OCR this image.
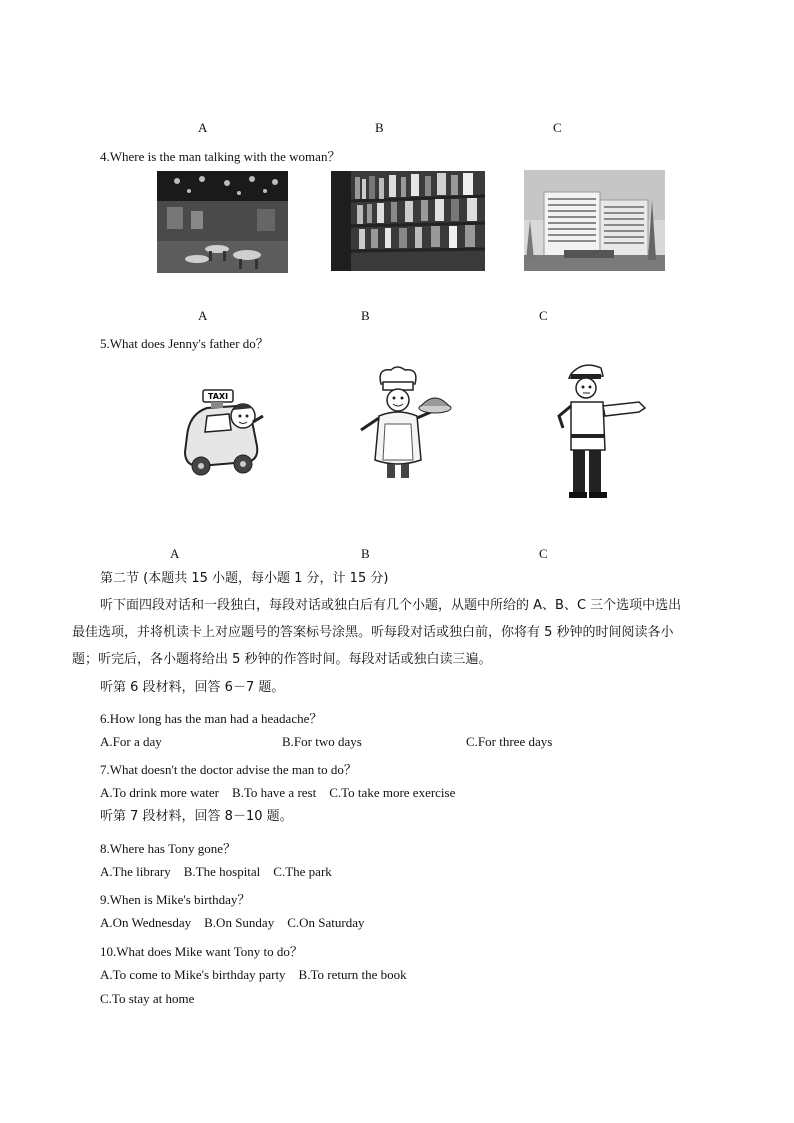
A	B	C
4.Where is the man talking with the woman？
A	B	C
5.What does Jenny's father do？
TAXI
A	B	C
第二节 (本题共 15 小题，每小题 1 分，计 15 分)
听下面四段对话和一段独白，每段对话或独白后有几个小题，从题中所给的 A、B、C 三个选项中选出
最佳选项，并将机读卡上对应题号的答案标号涂黑。听每段对话或独白前，你将有 5 秒钟的时间阅读各小
题；听完后，各小题将给出 5 秒钟的作答时间。每段对话或独白读三遍。
听第 6 段材料，回答 6－7 题。
6.How long has the man had a headache？
A.For a day	B.For two days	C.For three days
7.What doesn't the doctor advise the man to do？
A.To drink more water    B.To have a rest    C.To take more exercise
听第 7 段材料，回答 8－10 题。
8.Where has Tony gone？
A.The library    B.The hospital    C.The park
9.When is Mike's birthday？
A.On Wednesday    B.On Sunday    C.On Saturday
10.What does Mike want Tony to do？
A.To come to Mike's birthday party    B.To return the book
C.To stay at home
